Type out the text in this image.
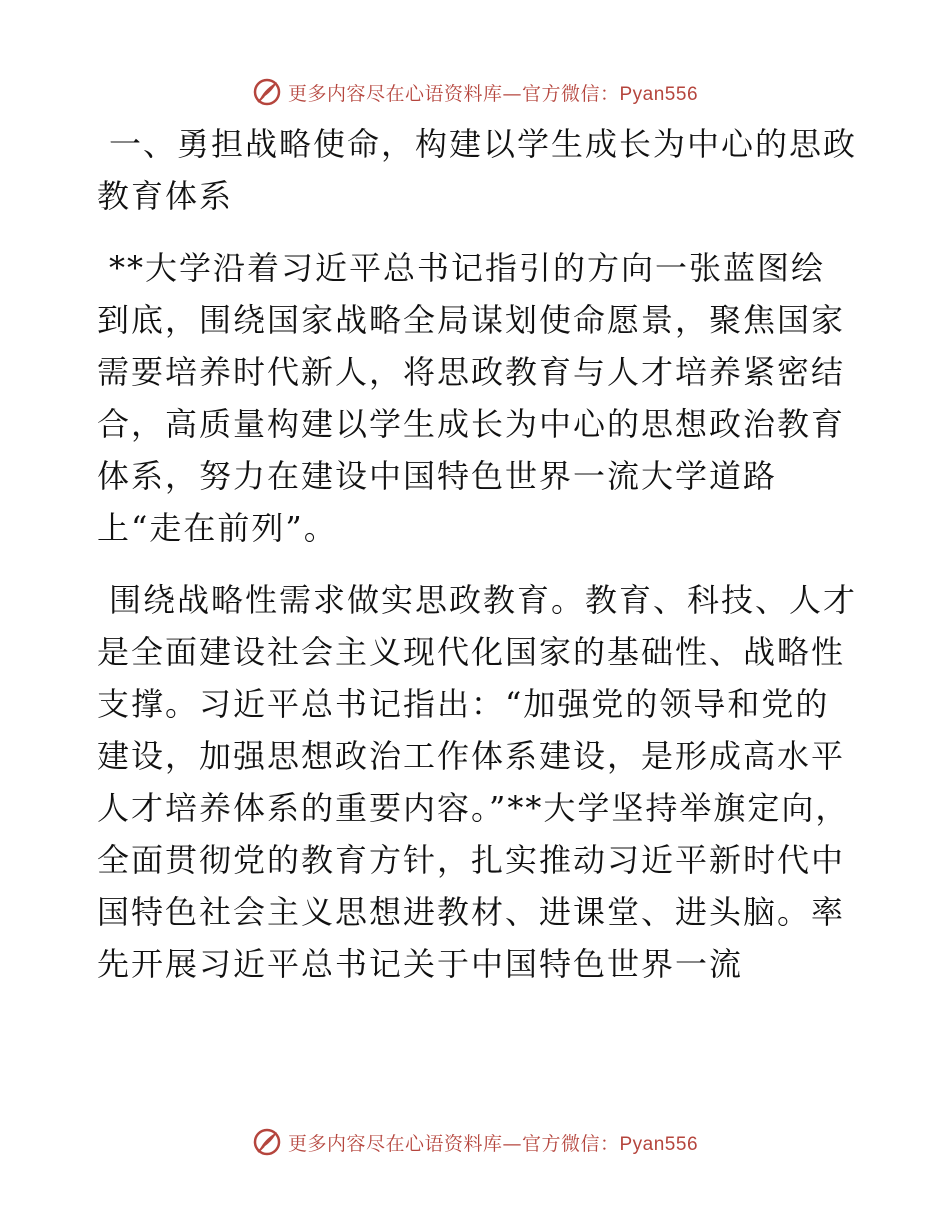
更多内容尽在心语资料库—官方微信：Pyan556

一、勇担战略使命，构建以学生成长为中心的思政教育体系

**大学沿着习近平总书记指引的方向一张蓝图绘到底，围绕国家战略全局谋划使命愿景，聚焦国家需要培养时代新人，将思政教育与人才培养紧密结合，高质量构建以学生成长为中心的思想政治教育体系，努力在建设中国特色世界一流大学道路上“走在前列”。

围绕战略性需求做实思政教育。教育、科技、人才是全面建设社会主义现代化国家的基础性、战略性支撑。习近平总书记指出：“加强党的领导和党的建设，加强思想政治工作体系建设，是形成高水平人才培养体系的重要内容。”**大学坚持举旗定向，全面贯彻党的教育方针，扎实推动习近平新时代中国特色社会主义思想进教材、进课堂、进头脑。率先开展习近平总书记关于中国特色世界一流

更多内容尽在心语资料库—官方微信：Pyan556
